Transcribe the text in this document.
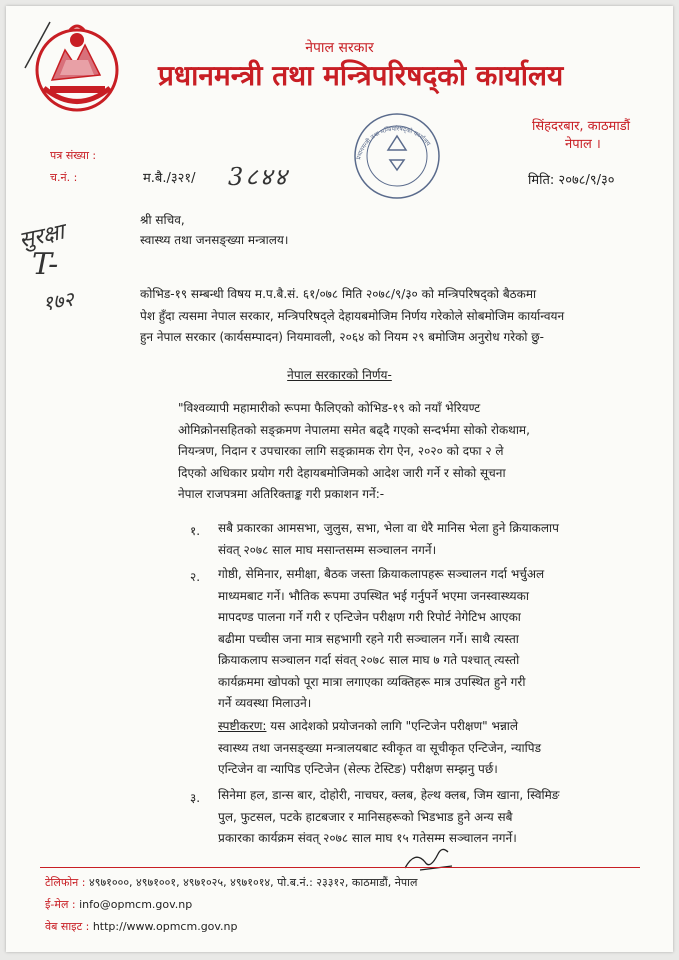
नेपाल सरकार
प्रधानमन्त्री तथा मन्त्रिपरिषद्को कार्यालय
सिंहदरबार, काठमाडौं
नेपाल ।
पत्र संख्या :
च.नं. :	म.बै./३२१/ 3८४४	मिति: २०७८/९/३०
प्रधानमन्त्री तथा मन्त्रिपरिषद्को कार्यालय
सुरक्षा
T-
१७२
श्री सचिव,
स्वास्थ्य तथा जनसङ्ख्या मन्त्रालय।
कोभिड-१९ सम्बन्धी विषय म.प.बै.सं. ६१/०७८ मिति २०७८/९/३० को मन्त्रिपरिषद्को बैठकमा
पेश हुँदा त्यसमा नेपाल सरकार, मन्त्रिपरिषद्ले देहायबमोजिम निर्णय गरेकोले सोबमोजिम कार्यान्वयन
हुन नेपाल सरकार (कार्यसम्पादन) नियमावली, २०६४ को नियम २९ बमोजिम अनुरोध गरेको छु-
नेपाल सरकारको निर्णय-
"विश्वव्यापी महामारीको रूपमा फैलिएको कोभिड-१९ को नयाँ भेरियण्ट
ओमिक्रोनसहितको सङ्क्रमण नेपालमा समेत बढ्दै गएको सन्दर्भमा सोको रोकथाम,
नियन्त्रण, निदान र उपचारका लागि सङ्क्रामक रोग ऐन, २०२० को दफा २ ले
दिएको अधिकार प्रयोग गरी देहायबमोजिमको आदेश जारी गर्ने र सोको सूचना
नेपाल राजपत्रमा अतिरिक्ताङ्क गरी प्रकाशन गर्ने:-
१. सबै प्रकारका आमसभा, जुलुस, सभा, भेला वा धेरै मानिस भेला हुने क्रियाकलाप
संवत् २०७८ साल माघ मसान्तसम्म सञ्चालन नगर्ने।
२. गोष्ठी, सेमिनार, समीक्षा, बैठक जस्ता क्रियाकलापहरू सञ्चालन गर्दा भर्चुअल
माध्यमबाट गर्ने। भौतिक रूपमा उपस्थित भई गर्नुपर्ने भएमा जनस्वास्थ्यका
मापदण्ड पालना गर्ने गरी र एन्टिजेन परीक्षण गरी रिपोर्ट नेगेटिभ आएका
बढीमा पच्चीस जना मात्र सहभागी रहने गरी सञ्चालन गर्ने। साथै त्यस्ता
क्रियाकलाप सञ्चालन गर्दा संवत् २०७८ साल माघ ७ गते पश्चात् त्यस्तो
कार्यक्रममा खोपको पूरा मात्रा लगाएका व्यक्तिहरू मात्र उपस्थित हुने गरी
गर्ने व्यवस्था मिलाउने।
स्पष्टीकरण: यस आदेशको प्रयोजनको लागि "एन्टिजेन परीक्षण" भन्नाले
स्वास्थ्य तथा जनसङ्ख्या मन्त्रालयबाट स्वीकृत वा सूचीकृत एन्टिजेन, न्यापिड
एन्टिजेन वा न्यापिड एन्टिजेन (सेल्फ टेस्टिङ) परीक्षण सम्झनु पर्छ।
३. सिनेमा हल, डान्स बार, दोहोरी, नाचघर, क्लब, हेल्थ क्लब, जिम खाना, स्विमिङ
पुल, फुटसल, पटके हाटबजार र मानिसहरूको भिडभाड हुने अन्य सबै
प्रकारका कार्यक्रम संवत् २०७८ साल माघ १५ गतेसम्म सञ्चालन नगर्ने।
टेलिफोन : ४९७१०००, ४९७१००१, ४९७१०२५, ४९७१०१४, पो.ब.नं.: २३३१२, काठमाडौं, नेपाल
ई-मेल : info@opmcm.gov.np
वेब साइट : http://www.opmcm.gov.np
